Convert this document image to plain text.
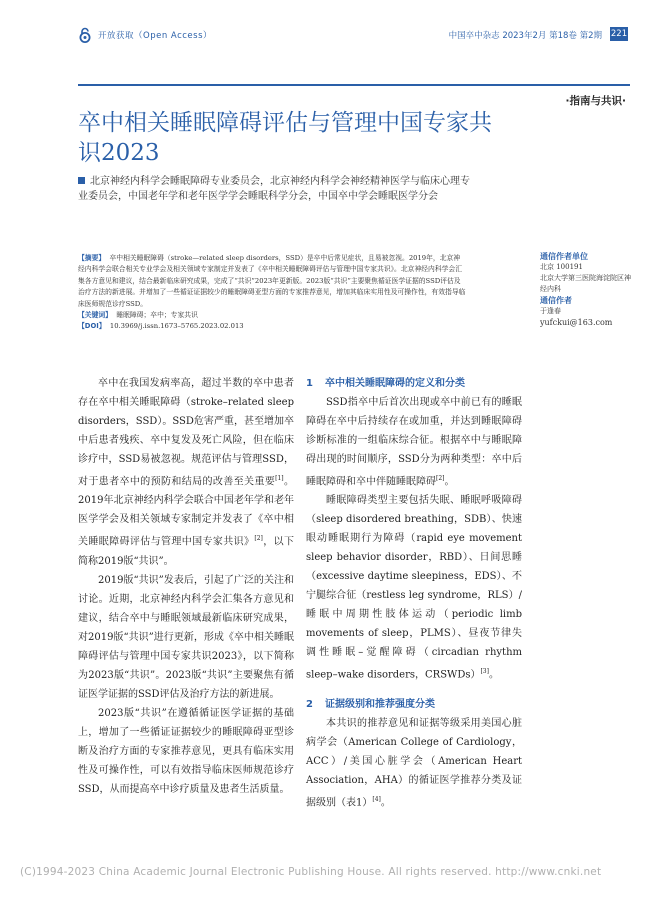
开放获取（Open Access）	中国卒中杂志 2023年2月 第18卷 第2期 221
·指南与共识·
卒中相关睡眠障碍评估与管理中国专家共识2023
北京神经内科学会睡眠障碍专业委员会，北京神经内科学会神经精神医学与临床心理专业委员会，中国老年学和老年医学学会睡眠科学分会，中国卒中学会睡眠医学分会
【摘要】 卒中相关睡眠障碍（stroke—related sleep disorders，SSD）是卒中后常见症状，且易被忽视。2019年，北京神经内科学会联合相关专业学会及相关领域专家制定并发表了《卒中相关睡眠障碍评估与管理中国专家共识》。北京神经内科学会汇集各方意见和建议，结合最新临床研究成果，完成了“共识”2023年更新版。2023版“共识”主要聚焦循证医学证据的SSD评估及治疗方法的新进展。并增加了一些循证证据较少的睡眠障碍亚型方面的专家推荐意见，增加其临床实用性及可操作性，有效指导临床医师规范诊疗SSD。
【关键词】 睡眠障碍；卒中；专家共识
【DOI】 10.3969/j.issn.1673–5765.2023.02.013
通信作者单位
北京 100191
北京大学第三医院海淀院区神经内科
通信作者
于逢春
yufckui@163.com

卒中在我国发病率高，超过半数的卒中患者存在卒中相关睡眠障碍（stroke–related sleep disorders，SSD）。SSD危害严重，甚至增加卒中后患者残疾、卒中复发及死亡风险，但在临床诊疗中，SSD易被忽视。规范评估与管理SSD，对于患者卒中的预防和结局的改善至关重要[1]。2019年北京神经内科学会联合中国老年学和老年医学学会及相关领域专家制定并发表了《卒中相关睡眠障碍评估与管理中国专家共识》[2]，以下简称2019版“共识”。

2019版“共识”发表后，引起了广泛的关注和讨论。近期，北京神经内科学会汇集各方意见和建议，结合卒中与睡眠领域最新临床研究成果，对2019版“共识”进行更新，形成《卒中相关睡眠障碍评估与管理中国专家共识2023》，以下简称为2023版“共识”。2023版“共识”主要聚焦有循证医学证据的SSD评估及治疗方法的新进展。

2023版“共识”在遵循循证医学证据的基础上，增加了一些循证证据较少的睡眠障碍亚型诊断及治疗方面的专家推荐意见，更具有临床实用性及可操作性，可以有效指导临床医师规范诊疗SSD，从而提高卒中诊疗质量及患者生活质量。

1 卒中相关睡眠障碍的定义和分类

SSD指卒中后首次出现或卒中前已有的睡眠障碍在卒中后持续存在或加重，并达到睡眠障碍诊断标准的一组临床综合征。根据卒中与睡眠障碍出现的时间顺序，SSD分为两种类型：卒中后睡眠障碍和卒中伴随睡眠障碍[2]。

睡眠障碍类型主要包括失眠、睡眠呼吸障碍（sleep disordered breathing，SDB）、快速眼动睡眠期行为障碍（rapid eye movement sleep behavior disorder，RBD）、日间思睡（excessive daytime sleepiness，EDS）、不宁腿综合征（restless leg syndrome，RLS）/睡眠中周期性肢体运动（periodic limb movements of sleep，PLMS）、昼夜节律失调性睡眠–觉醒障碍（circadian rhythm sleep–wake disorders，CRSWDs）[3]。

2 证据级别和推荐强度分类

本共识的推荐意见和证据等级采用美国心脏病学会（American College of Cardiology，ACC）/美国心脏学会（American Heart Association，AHA）的循证医学推荐分类及证据级别（表1）[4]。

(C)1994-2023 China Academic Journal Electronic Publishing House. All rights reserved. http://www.cnki.net
